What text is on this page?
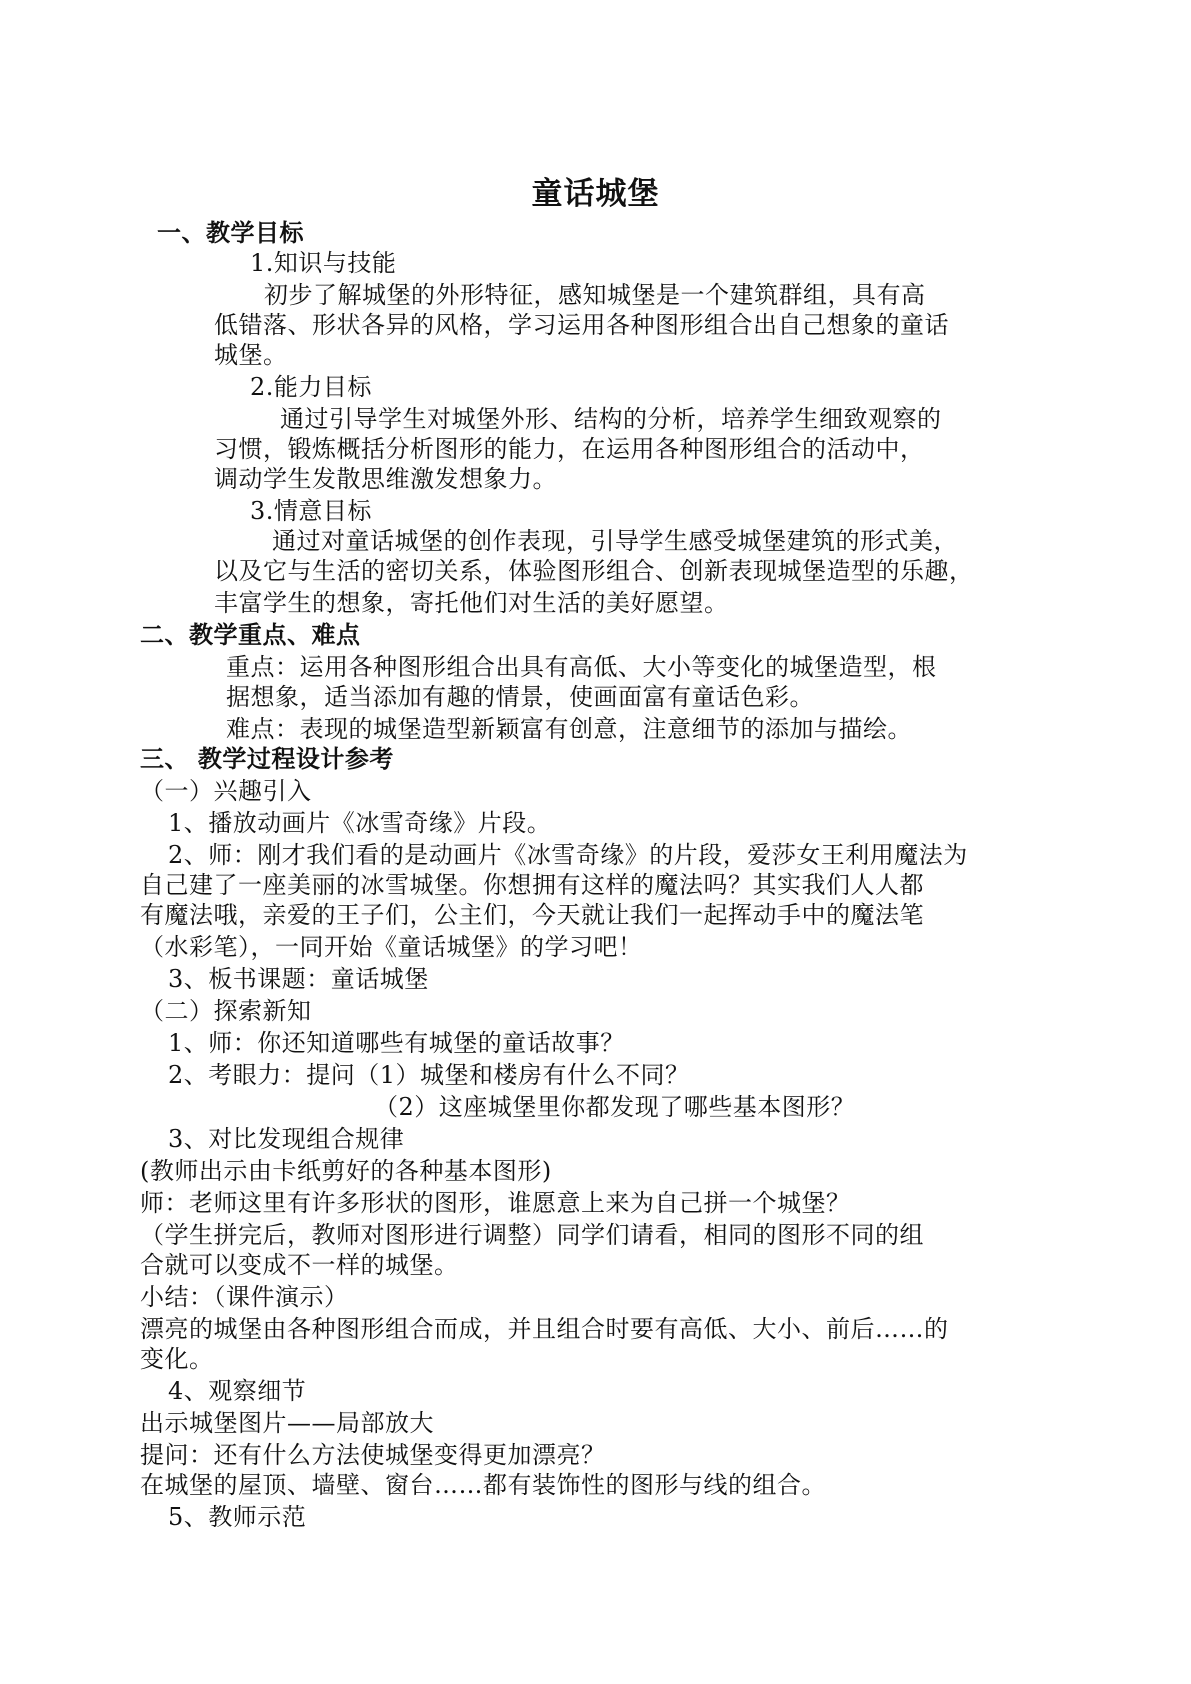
童话城堡
一、教学目标
1.知识与技能
初步了解城堡的外形特征，感知城堡是一个建筑群组，具有高
低错落、形状各异的风格，学习运用各种图形组合出自己想象的童话
城堡。
2.能力目标
通过引导学生对城堡外形、结构的分析，培养学生细致观察的
习惯，锻炼概括分析图形的能力，在运用各种图形组合的活动中，
调动学生发散思维激发想象力。
3.情意目标
通过对童话城堡的创作表现，引导学生感受城堡建筑的形式美，
以及它与生活的密切关系，体验图形组合、创新表现城堡造型的乐趣，
丰富学生的想象，寄托他们对生活的美好愿望。
二、教学重点、难点
重点：运用各种图形组合出具有高低、大小等变化的城堡造型，根
据想象，适当添加有趣的情景，使画面富有童话色彩。
难点：表现的城堡造型新颖富有创意，注意细节的添加与描绘。
三、 教学过程设计参考
（一）兴趣引入
1、播放动画片《冰雪奇缘》片段。
2、师：刚才我们看的是动画片《冰雪奇缘》的片段，爱莎女王利用魔法为
自己建了一座美丽的冰雪城堡。你想拥有这样的魔法吗？其实我们人人都
有魔法哦，亲爱的王子们，公主们，今天就让我们一起挥动手中的魔法笔
（水彩笔），一同开始《童话城堡》的学习吧！
3、板书课题：童话城堡
（二）探索新知
1、师：你还知道哪些有城堡的童话故事？
2、考眼力：提问（1）城堡和楼房有什么不同？
（2）这座城堡里你都发现了哪些基本图形？
3、对比发现组合规律
(教师出示由卡纸剪好的各种基本图形)
师：老师这里有许多形状的图形，谁愿意上来为自己拼一个城堡？
（学生拼完后，教师对图形进行调整）同学们请看，相同的图形不同的组
合就可以变成不一样的城堡。
小结：（课件演示）
漂亮的城堡由各种图形组合而成，并且组合时要有高低、大小、前后……的
变化。
4、观察细节
出示城堡图片——局部放大
提问：还有什么方法使城堡变得更加漂亮？
在城堡的屋顶、墙壁、窗台……都有装饰性的图形与线的组合。
5、教师示范
